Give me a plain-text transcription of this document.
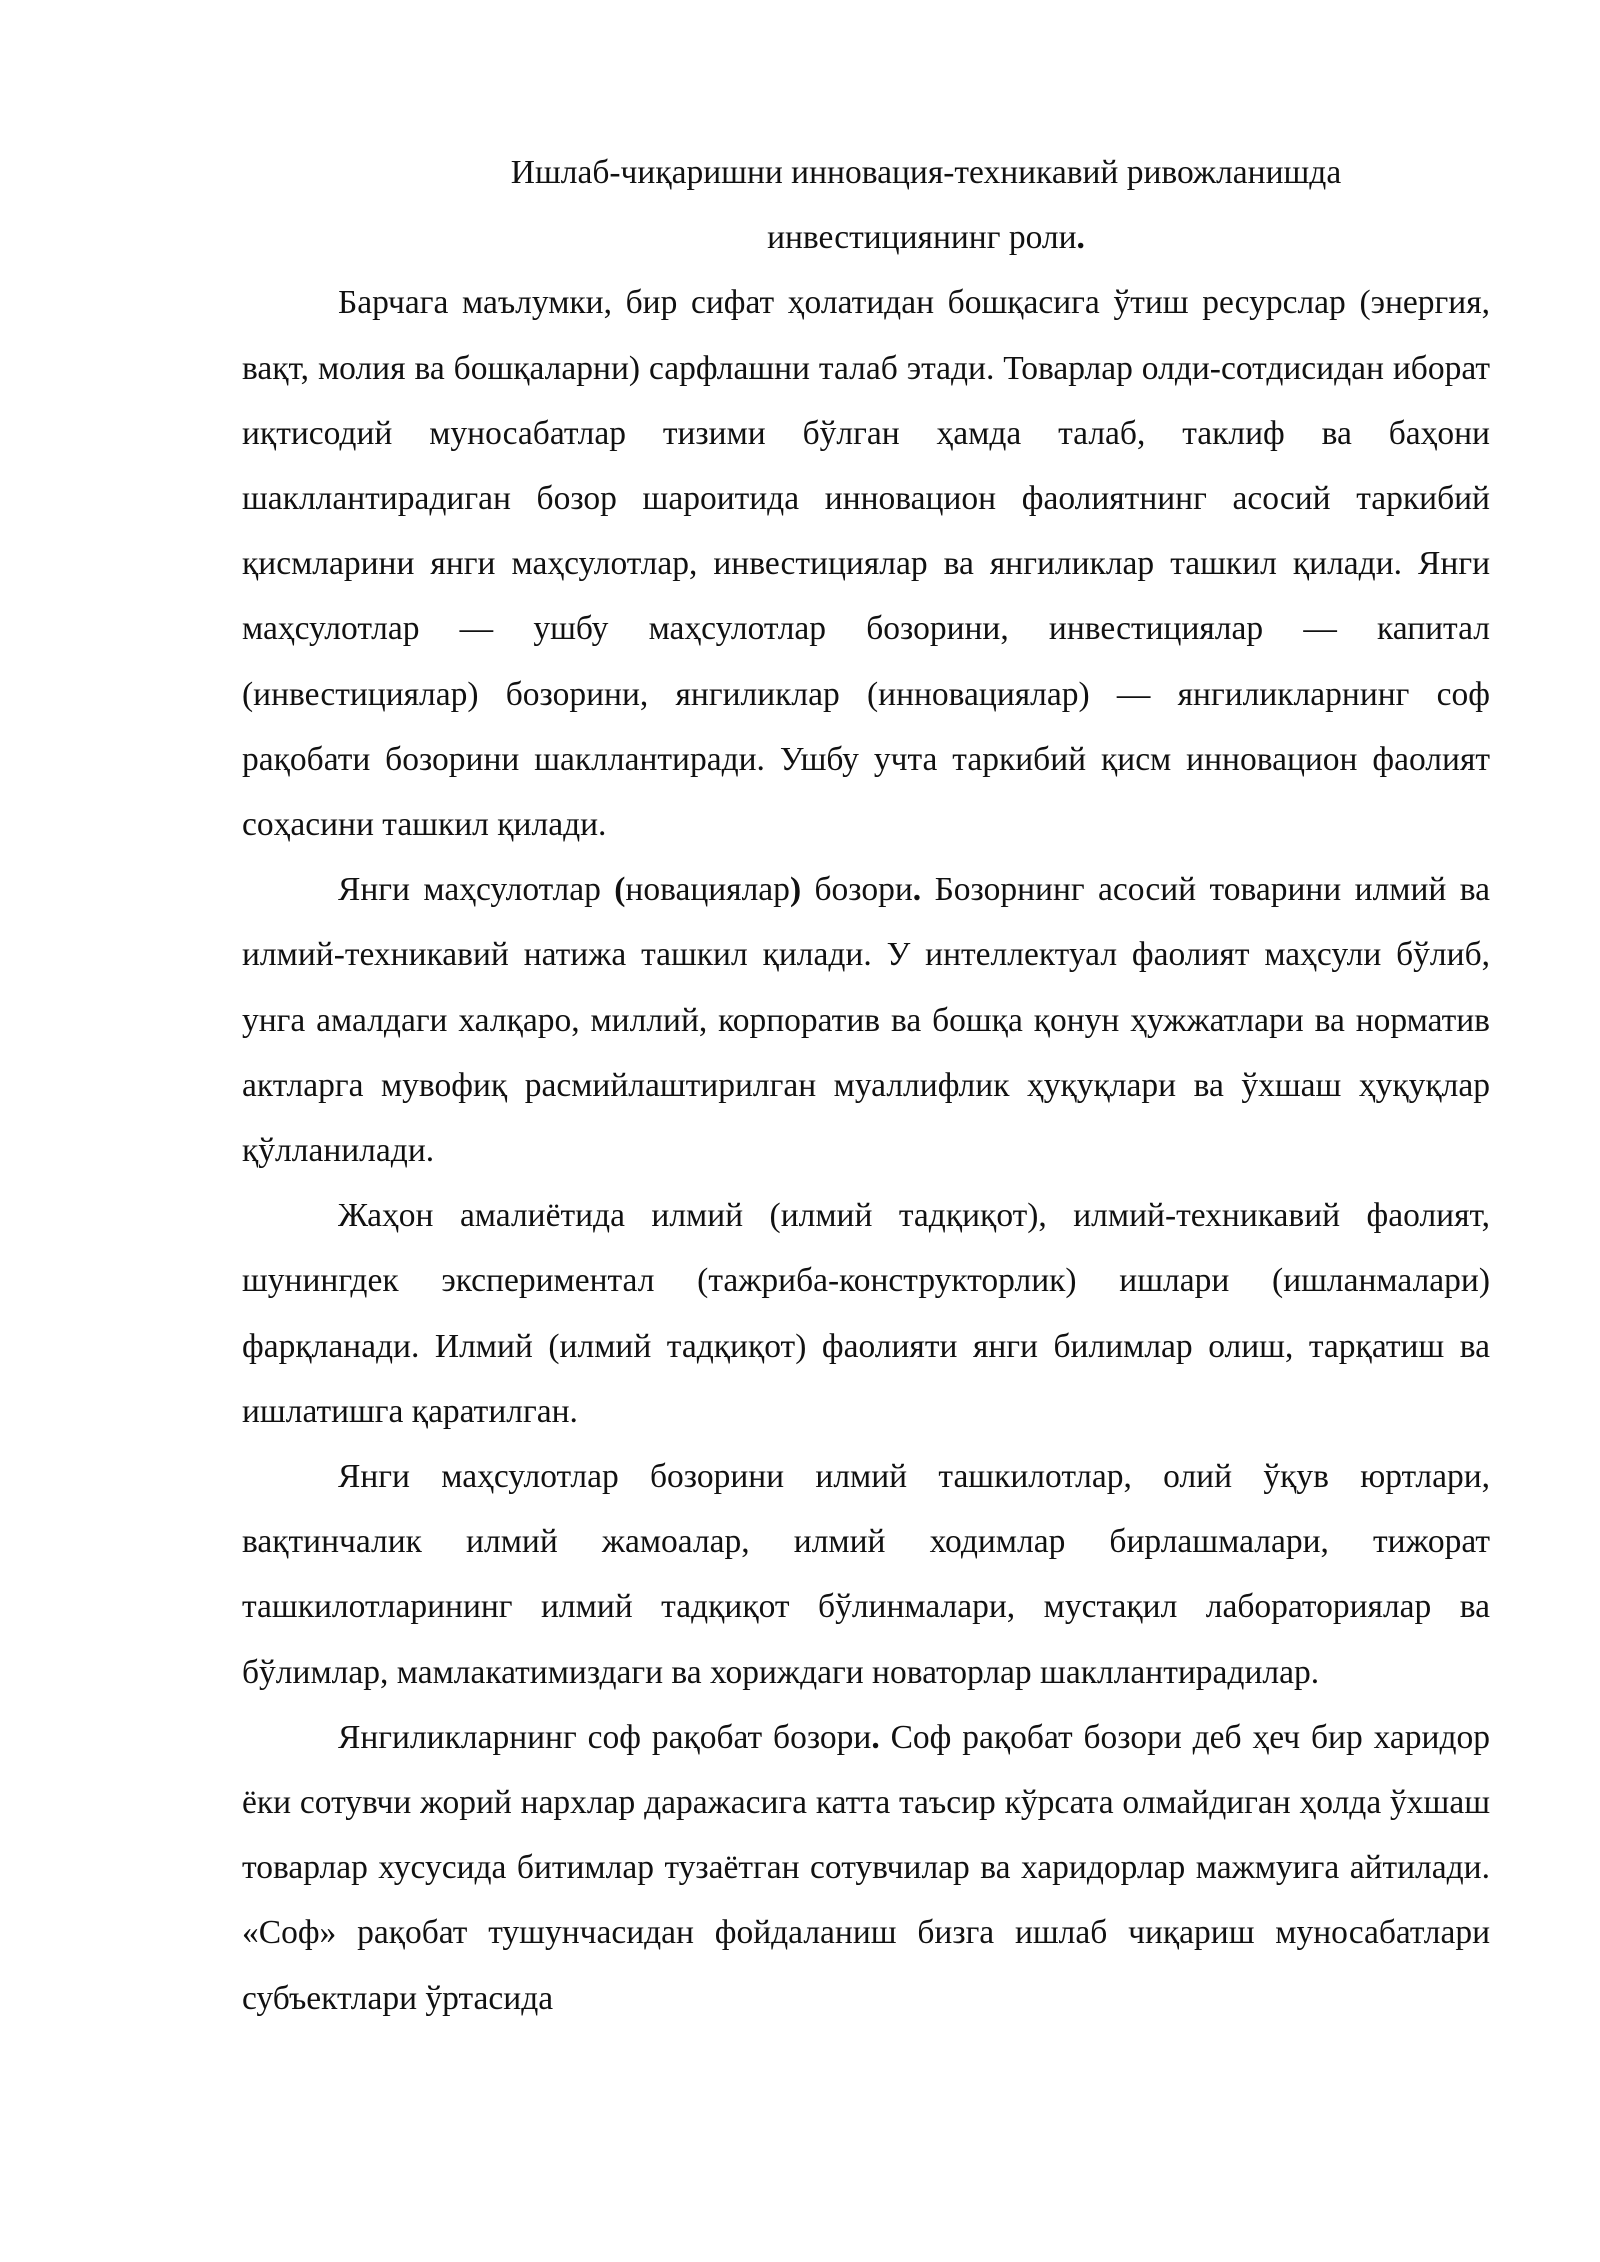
Ишлаб-чиқаришни инновация-техникавий ривожланишда
инвестициянинг роли.

Барчага маълумки, бир сифат ҳолатидан бошқасига ўтиш ресурслар (энергия, вақт, молия ва бошқаларни) сарфлашни талаб этади. Товарлар олди-сотдисидан иборат иқтисодий муносабатлар тизими бўлган ҳамда талаб, таклиф ва баҳони шакллантирадиган бозор шароитида инновацион фаолиятнинг асосий таркибий қисмларини янги маҳсулотлар, инвестициялар ва янгиликлар ташкил қилади. Янги маҳсулотлар — ушбу маҳсулотлар бозорини, инвестициялар — капитал (инвестициялар) бозорини, янгиликлар (инновациялар) — янгиликларнинг соф рақобати бозорини шакллантиради. Ушбу учта таркибий қисм инновацион фаолият соҳасини ташкил қилади.

Янги маҳсулотлар (новациялар) бозори. Бозорнинг асосий товарини илмий ва илмий-техникавий натижа ташкил қилади. У интеллектуал фаолият маҳсули бўлиб, унга амалдаги халқаро, миллий, корпоратив ва бошқа қонун ҳужжатлари ва норматив актларга мувофиқ расмийлаштирилган муаллифлик ҳуқуқлари ва ўхшаш ҳуқуқлар қўлланилади.

Жаҳон амалиётида илмий (илмий тадқиқот), илмий-техникавий фаолият, шунингдек экспериментал (тажриба-конструкторлик) ишлари (ишланмалари) фарқланади. Илмий (илмий тадқиқот) фаолияти янги билимлар олиш, тарқатиш ва ишлатишга қаратилган.

Янги маҳсулотлар бозорини илмий ташкилотлар, олий ўқув юртлари, вақтинчалик илмий жамоалар, илмий ходимлар бирлашмалари, тижорат ташкилотларининг илмий тадқиқот бўлинмалари, мустақил лабораториялар ва бўлимлар, мамлакатимиздаги ва хориждаги новаторлар шакллантирадилар.

Янгиликларнинг соф рақобат бозори. Соф рақобат бозори деб ҳеч бир харидор ёки сотувчи жорий нархлар даражасига катта таъсир кўрсата олмайдиган ҳолда ўхшаш товарлар хусусида битимлар тузаётган сотувчилар ва харидорлар мажмуига айтилади. «Соф» рақобат тушунчасидан фойдаланиш бизга ишлаб чиқариш муносабатлари субъектлари ўртасида
